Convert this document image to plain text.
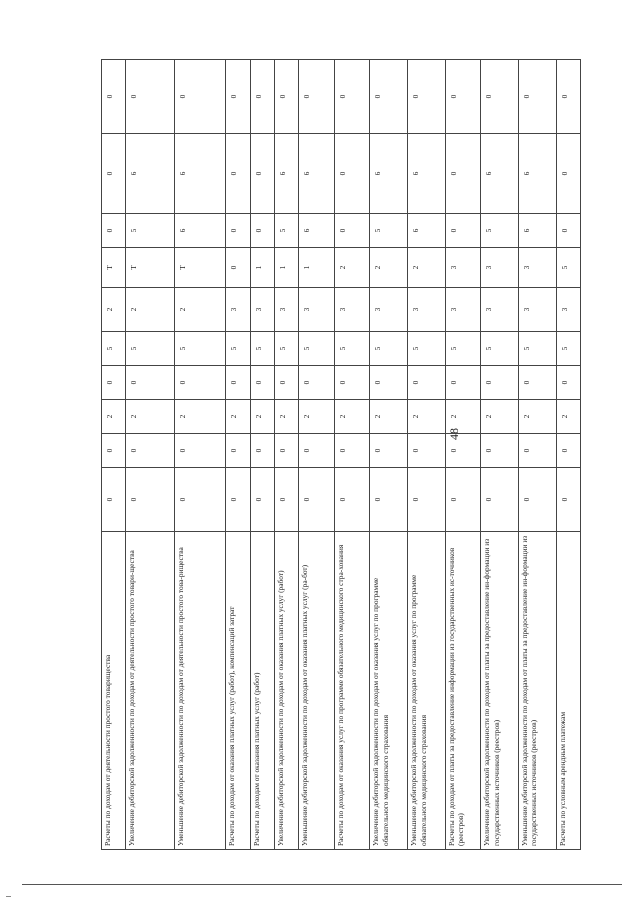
48
Расчеты по доходам от деятельности простого товарищества	0	0	2	0	5	2	Т	0	0	0
Увеличение дебиторской задолженности по доходам от деятельности простого товари-щества	0	0	2	0	5	2	Т	5	6	0
Уменьшение дебиторской задолженности по доходам от деятельности простого това-рищества	0	0	2	0	5	2	Т	6	6	0
Расчеты по доходам от оказания платных услуг (работ), компенсаций затрат	0	0	2	0	5	3	0	0	0	0
Расчеты по доходам от оказания платных услуг (работ)	0	0	2	0	5	3	1	0	0	0
Увеличение дебиторской задолженности по доходам от оказания платных услуг (работ)	0	0	2	0	5	3	1	5	6	0
Уменьшение дебиторской задолженности по доходам от оказания платных услуг (ра-бот)	0	0	2	0	5	3	1	6	6	0
Расчеты по доходам от оказания услуг по программе обязательного медицинского стра-хования	0	0	2	0	5	3	2	0	0	0
Увеличение дебиторской задолженности по доходам от оказания услуг по программе обязательного медицинского страхования	0	0	2	0	5	3	2	5	6	0
Уменьшение дебиторской задолженности по доходам от оказания услуг по программе обязательного медицинского страхования	0	0	2	0	5	3	2	6	6	0
Расчеты по доходам от платы за предоставление информации из государственных ис-точников (реестров)	0	0	2	0	5	3	3	0	0	0
Увеличение дебиторской задолженности по доходам от платы за предоставление ин-формации из государственных источников (реестров)	0	0	2	0	5	3	3	5	6	0
Уменьшение дебиторской задолженности по доходам от платы за предоставление ин-формации из государственных источников (реестров)	0	0	2	0	5	3	3	6	6	0
Расчеты по условным арендным платежам	0	0	2	0	5	3	5	0	0	0
